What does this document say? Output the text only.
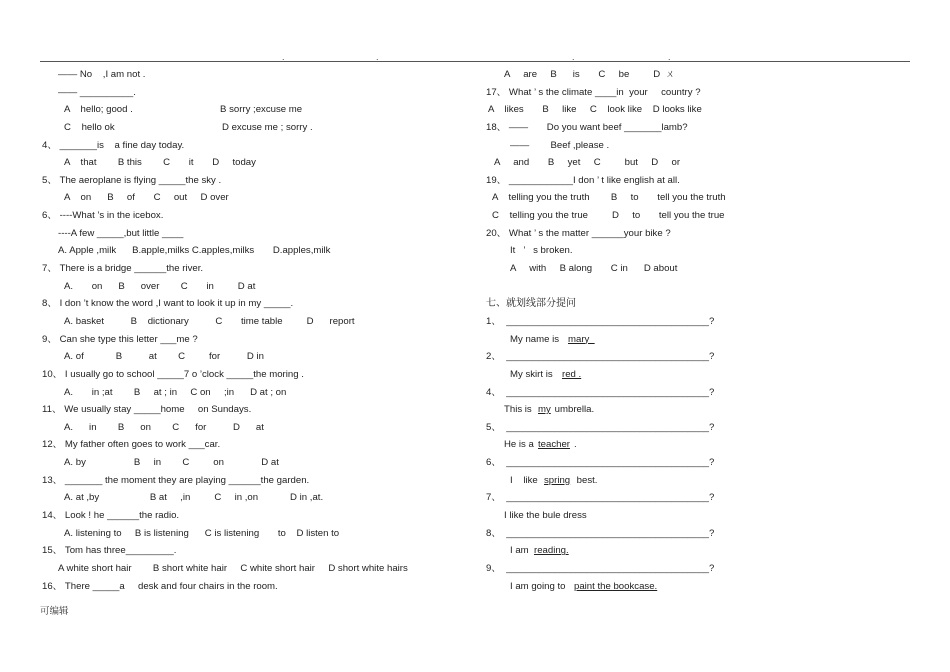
.	.	.	.
—— No    ,I am not .
—— __________.
A    hello; good .	B sorry ;excuse me
C    hello ok	D excuse me ; sorry .
4、 _______is    a fine day today.
A    that        B this        C       it       D     today
5、 The aeroplane is flying _____the sky .
A    on      B     of       C     out     D over
6、 ----What ’s in the icebox.
----A few _____,but little ____
A. Apple ,milk      B.apple,milks C.apples,milks       D.apples,milk
7、 There is a bridge ______the river.
A.       on      B      over        C       in         D at
8、 I don ’t know the word ,I want to look it up in my _____.
A. basket          B    dictionary          C       time table         D      report
9、 Can she type this letter ___me ?
A. of            B          at        C         for          D in
10、 I usually go to school _____7 o ’clock _____the moring .
A.       in ;at        B     at ; in     C on     ;in      D at ; on
11、 We usually stay _____home     on Sundays.
A.      in        B      on        C      for          D      at
12、 My father often goes to work ___car.
A. by                  B     in        C         on              D at
13、 _______ the moment they are playing ______the garden.
A. at ,by                   B at     ,in         C     in ,on            D in ,at.
14、 Look ! he ______the radio.
A. listening to     B is listening      C is listening       to    D listen to
15、 Tom has three_________.
A white short hair        B short white hair     C white short hair     D short white hairs
16、 There _____a     desk and four chairs in the room.
A     are     B      is       C     be         D  ㄨ
17、 What ’ s the climate ____in  your     country ?
A    likes       B     like     C    look like    D looks like
18、 ——       Do you want beef _______lamb?
——        Beef ,please .
A     and       B     yet     C         but     D     or
19、 ____________I don ’ t like english at all.
A    telling you the truth        B     to       tell you the truth
C    telling you the true         D     to       tell you the true
20、 What ’ s the matter ______your bike ?
It   ’   s broken.
A     with     B along       C in      D about
七、就划线部分提问
1、  ______________________________________?
My name is mary
2、  ______________________________________?
My skirt is red .
4、  ______________________________________?
This is my umbrella.
5、  ______________________________________?
He is a teacher .
6、  ______________________________________?
I    like spring best.
7、  ______________________________________?
I like the bule dress
8、  ______________________________________?
I am reading.
9、  ______________________________________?
I am going to paint the bookcase.
可编辑
